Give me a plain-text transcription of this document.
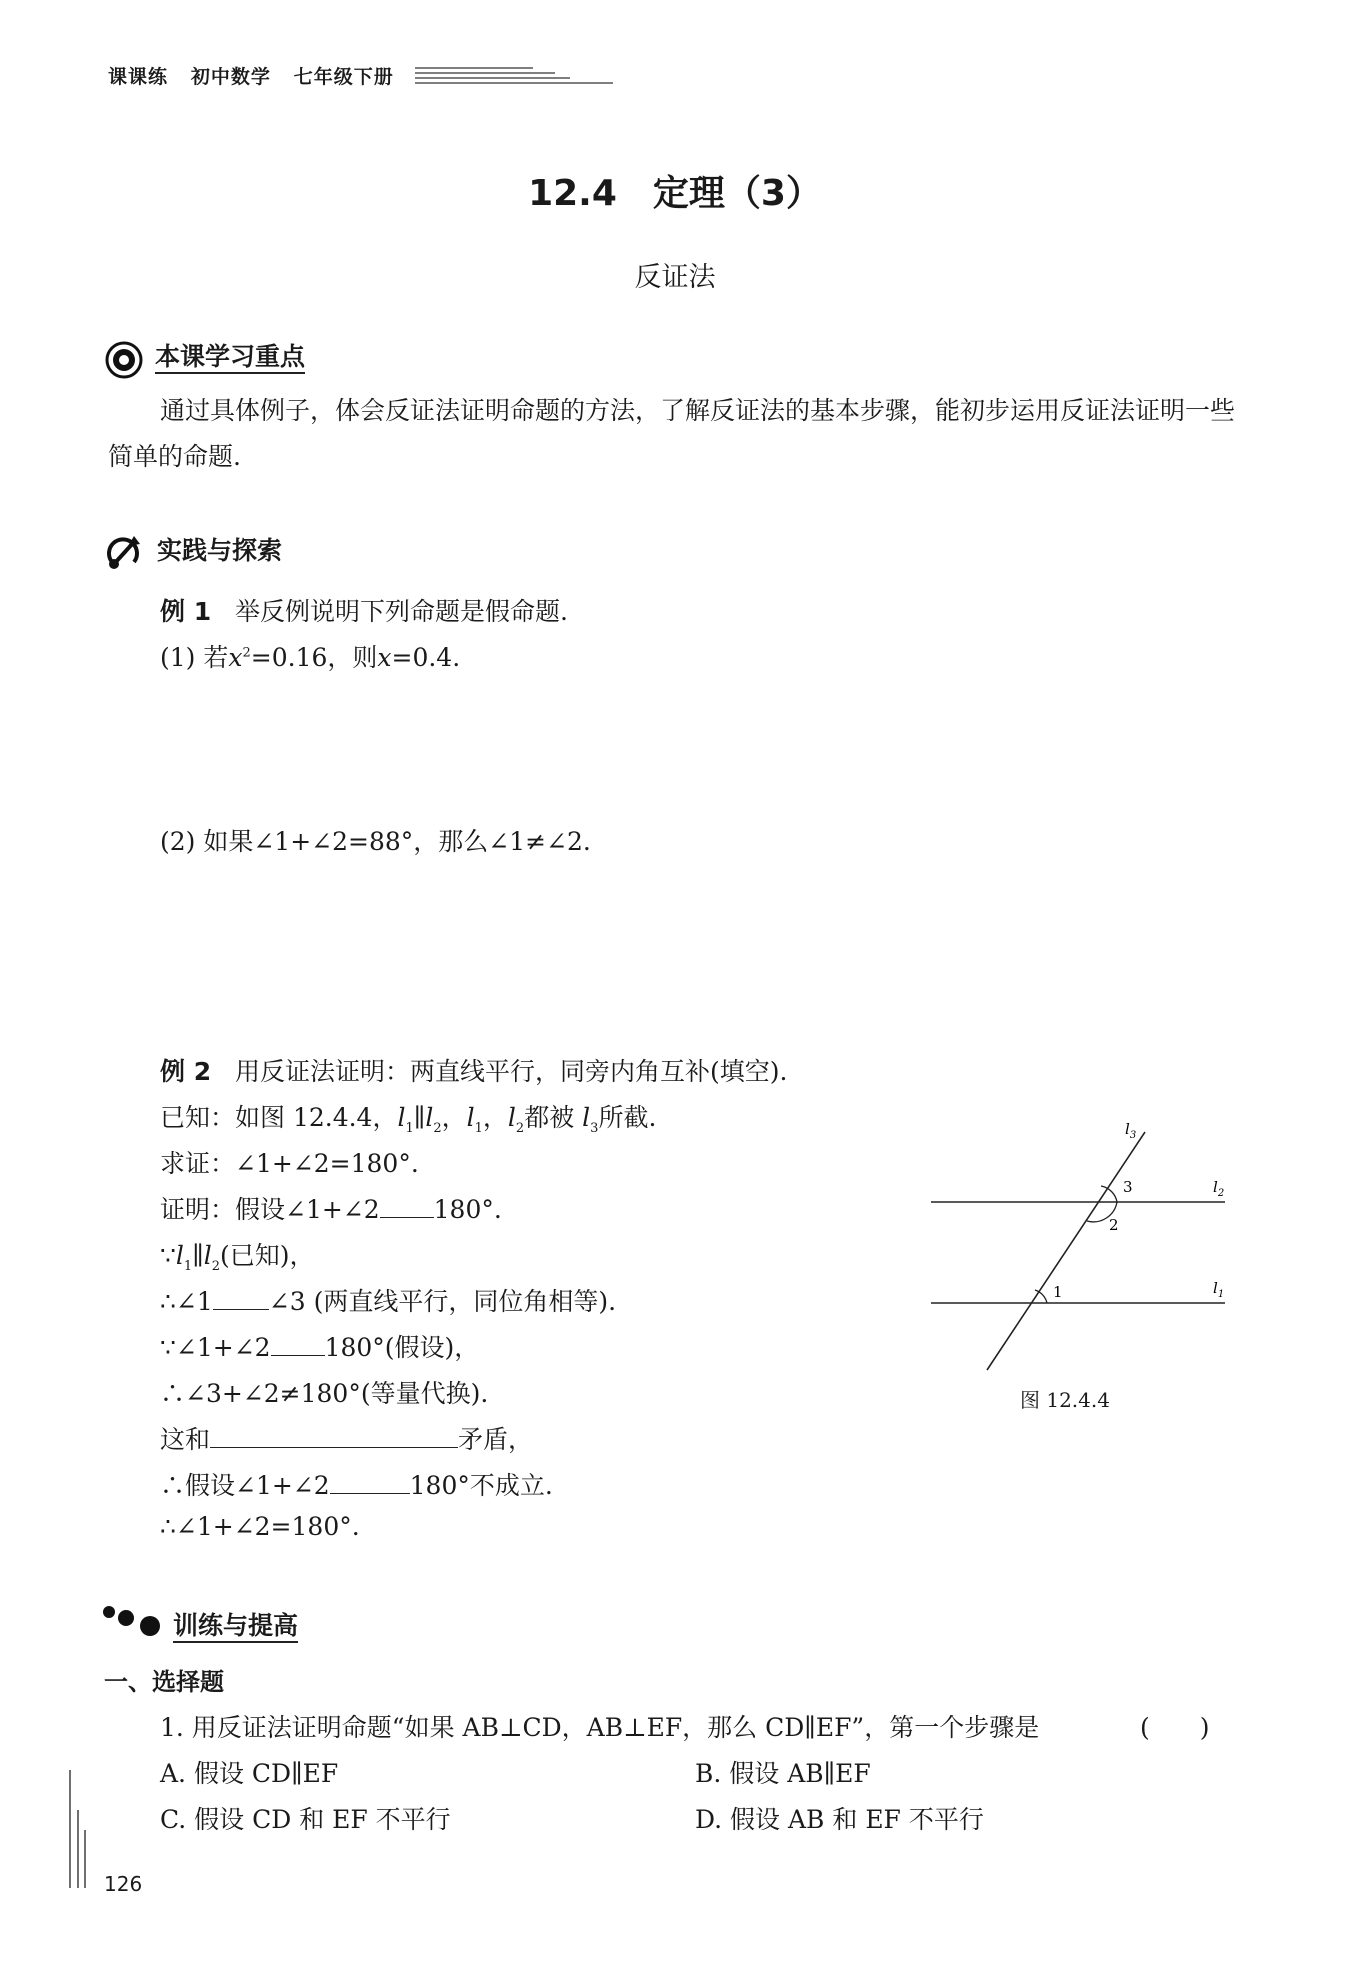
课课练 初中数学 七年级下册
12.4　定理（3）
反证法
本课学习重点
通过具体例子，体会反证法证明命题的方法，了解反证法的基本步骤，能初步运用反证法证明一些简单的命题.
实践与探索
例 1 举反例说明下列命题是假命题.
(1) 若$x^2=0.16$，则x=0.4.
(2) 如果∠1+∠2=88°，那么∠1≠∠2.
例 2 用反证法证明：两直线平行，同旁内角互补(填空).
已知：如图 12.4.4，$l_1\parallel l_2$，$l_1$，$l_2$都被 $l_3$所截.
求证：∠1+∠2=180°.
证明：假设∠1+∠2 180°.
$\because l_1\parallel l_2$(已知)，
∴∠1 ∠3 (两直线平行，同位角相等).
∵∠1+∠2 180°(假设)，
∴∠3+∠2≠180°(等量代换).
这和	矛盾，
∴假设∠1+∠2	180°不成立.
∴∠1+∠2=180°.
3
2
1
$l_3$
$l_2$
$l_1$
图 12.4.4
训练与提高
一、选择题
1. 用反证法证明命题“如果 AB⊥CD，AB⊥EF，那么 CD∥EF”，第一个步骤是	(　　)
A. 假设 CD∥EF	B. 假设 AB∥EF
C. 假设 CD 和 EF 不平行	D. 假设 AB 和 EF 不平行
126
